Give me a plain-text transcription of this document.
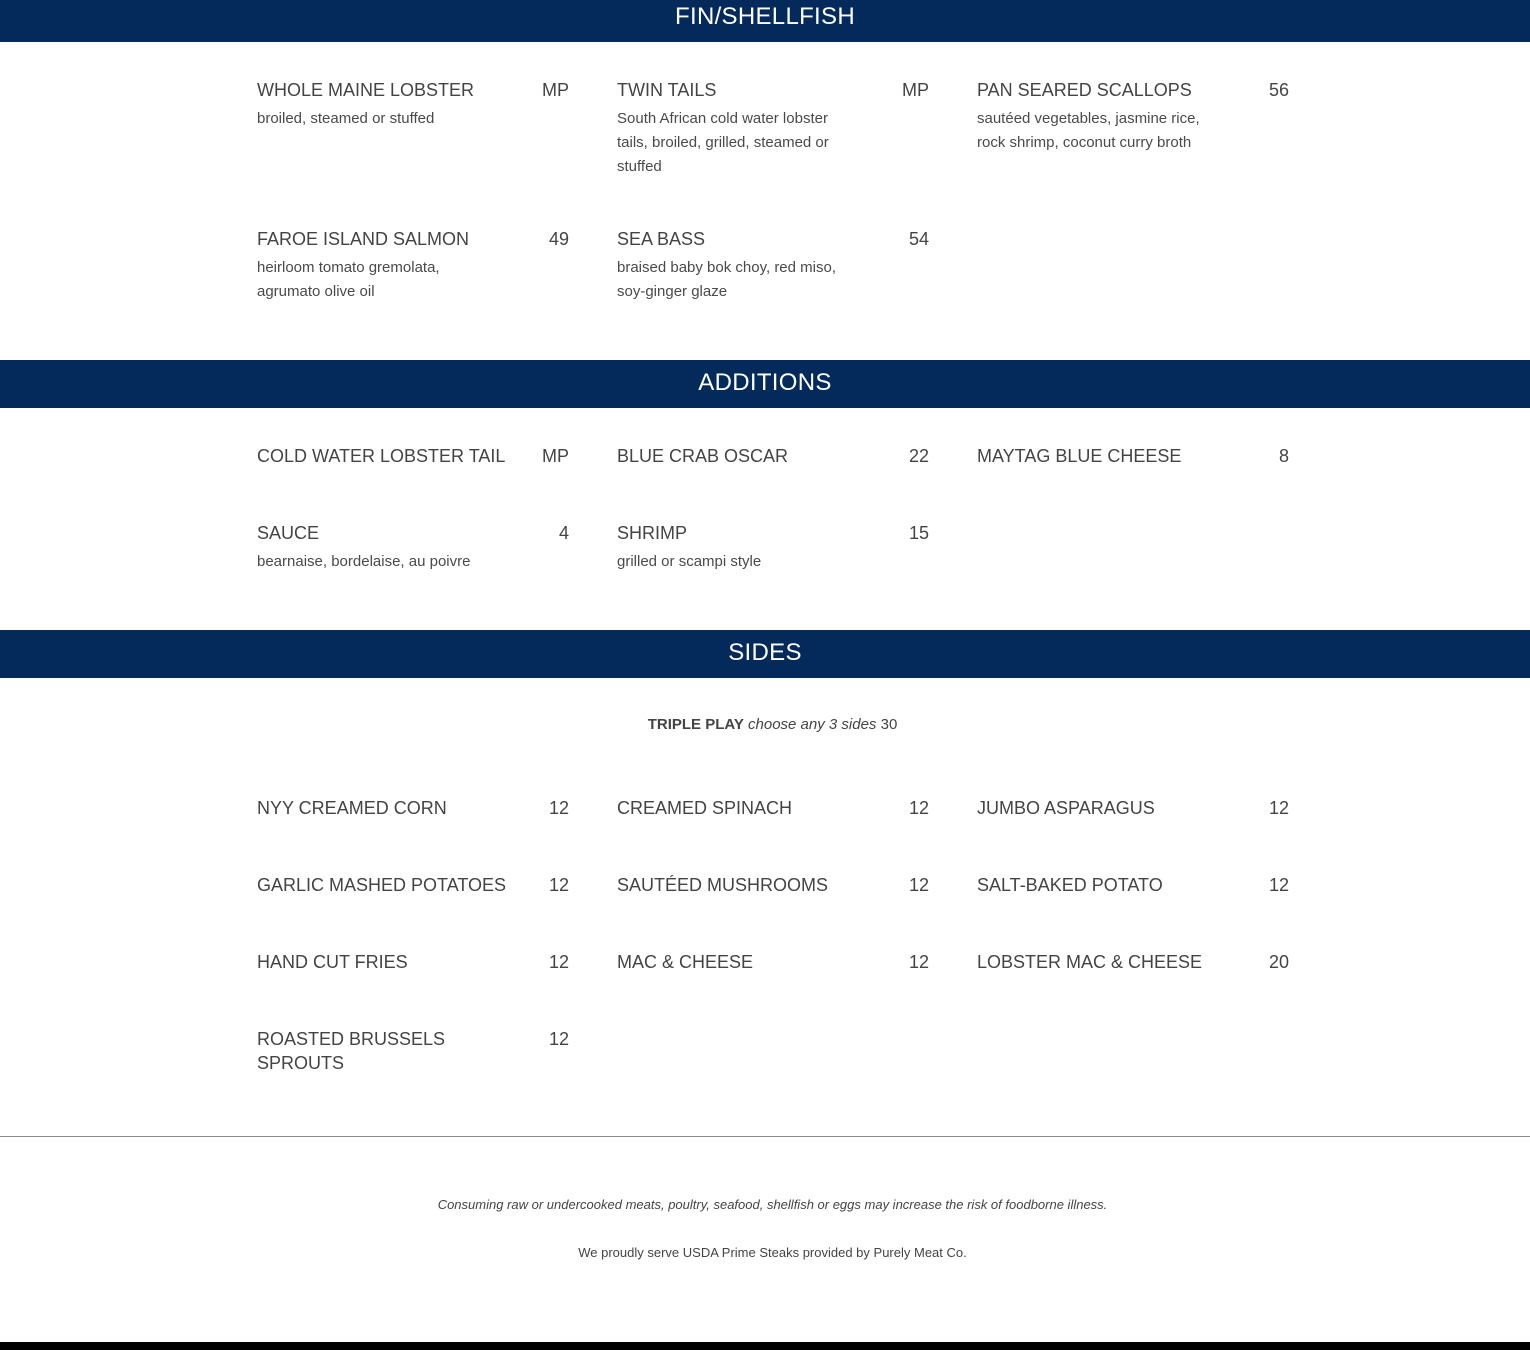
FIN/SHELLFISH
WHOLE MAINE LOBSTER	MP
broiled, steamed or stuffed
TWIN TAILS	MP
South African cold water lobster tails, broiled, grilled, steamed or stuffed
PAN SEARED SCALLOPS	56
sautéed vegetables, jasmine rice, rock shrimp, coconut curry broth
FAROE ISLAND SALMON	49
heirloom tomato gremolata, agrumato olive oil
SEA BASS	54
braised baby bok choy, red miso, soy-ginger glaze
ADDITIONS
COLD WATER LOBSTER TAIL	MP	BLUE CRAB OSCAR	22	MAYTAG BLUE CHEESE	8
SAUCE	4
bearnaise, bordelaise, au poivre
SHRIMP	15
grilled or scampi style
SIDES
TRIPLE PLAY choose any 3 sides 30
NYY CREAMED CORN	12	CREAMED SPINACH	12	JUMBO ASPARAGUS	12
GARLIC MASHED POTATOES	12	SAUTÉED MUSHROOMS	12	SALT-BAKED POTATO	12
HAND CUT FRIES	12	MAC & CHEESE	12	LOBSTER MAC & CHEESE	20
ROASTED BRUSSELS SPROUTS
12
Consuming raw or undercooked meats, poultry, seafood, shellfish or eggs may increase the risk of foodborne illness.
We proudly serve USDA Prime Steaks provided by Purely Meat Co.
